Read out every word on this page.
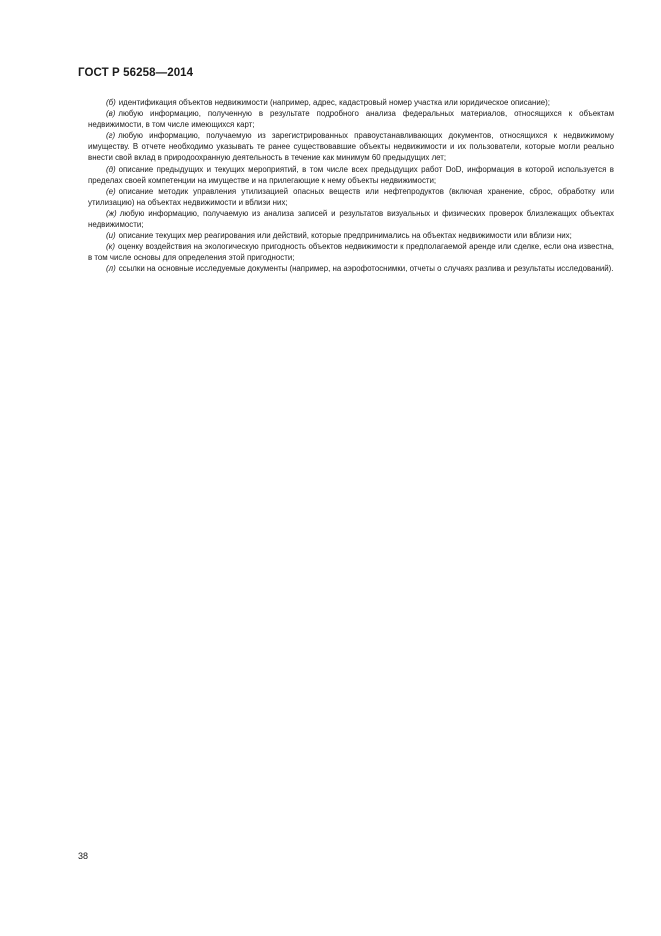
ГОСТ Р 56258—2014

(б) идентификация объектов недвижимости (например, адрес, кадастровый номер участка или юридическое описание);

(в) любую информацию, полученную в результате подробного анализа федеральных материалов, относящихся к объектам недвижимости, в том числе имеющихся карт;

(г) любую информацию, получаемую из зарегистрированных правоустанавливающих документов, относящихся к недвижимому имуществу. В отчете необходимо указывать те ранее существовавшие объекты недвижимости и их пользователи, которые могли реально внести свой вклад в природоохранную деятельность в течение как минимум 60 предыдущих лет;

(д) описание предыдущих и текущих мероприятий, в том числе всех предыдущих работ DoD, информация в которой используется в пределах своей компетенции на имуществе и на прилегающие к нему объекты недвижимости;

(е) описание методик управления утилизацией опасных веществ или нефтепродуктов (включая хранение, сброс, обработку или утилизацию) на объектах недвижимости и вблизи них;

(ж) любую информацию, получаемую из анализа записей и результатов визуальных и физических проверок близлежащих объектах недвижимости;

(и) описание текущих мер реагирования или действий, которые предпринимались на объектах недвижимости или вблизи них;

(к) оценку воздействия на экологическую пригодность объектов недвижимости к предполагаемой аренде или сделке, если она известна, в том числе основы для определения этой пригодности;

(л) ссылки на основные исследуемые документы (например, на аэрофотоснимки, отчеты о случаях разлива и результаты исследований).

38
